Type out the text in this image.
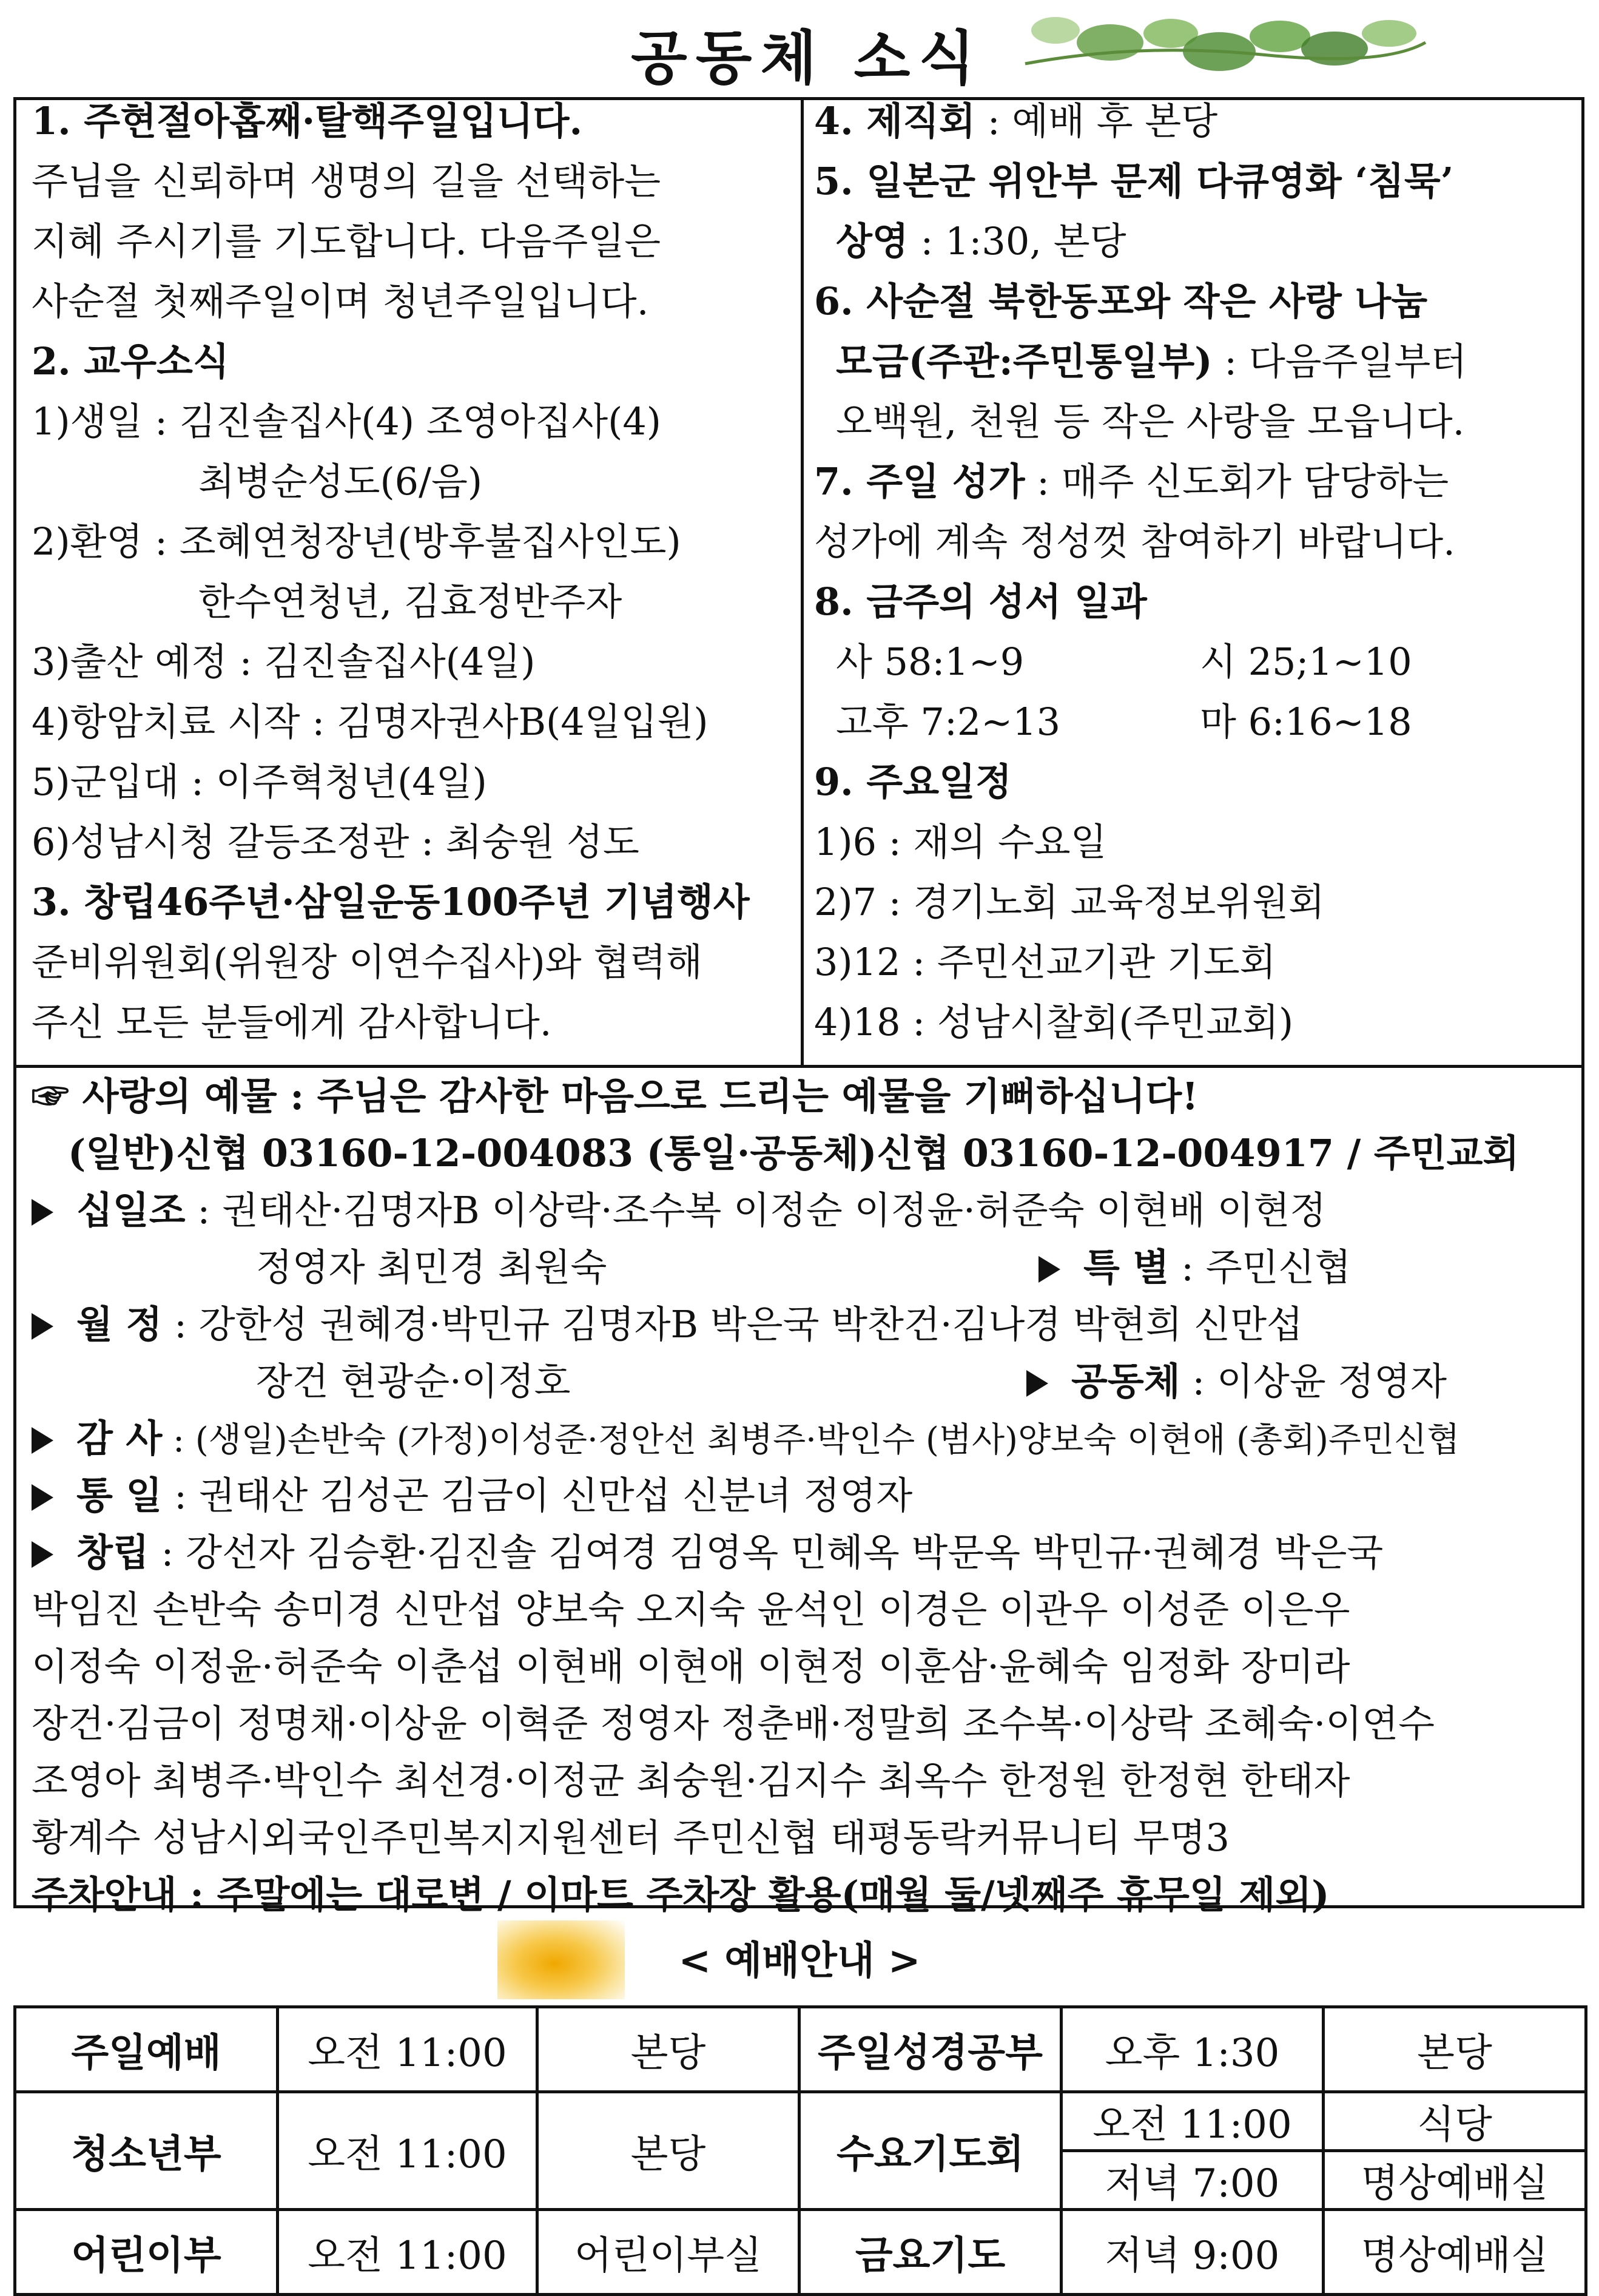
공동체 소식
1. 주현절아홉째·탈핵주일입니다.
주님을 신뢰하며 생명의 길을 선택하는
지혜 주시기를 기도합니다. 다음주일은
사순절 첫째주일이며 청년주일입니다.
2. 교우소식
1)생일 : 김진솔집사(4) 조영아집사(4)
최병순성도(6/음)
2)환영 : 조혜연청장년(방후불집사인도)
한수연청년, 김효정반주자
3)출산 예정 : 김진솔집사(4일)
4)항암치료 시작 : 김명자권사B(4일입원)
5)군입대 : 이주혁청년(4일)
6)성남시청 갈등조정관 : 최숭원 성도
3. 창립46주년·삼일운동100주년 기념행사
준비위원회(위원장 이연수집사)와 협력해
주신 모든 분들에게 감사합니다.
4. 제직회 : 예배 후 본당
5. 일본군 위안부 문제 다큐영화 ‘침묵’
상영 : 1:30, 본당
6. 사순절 북한동포와 작은 사랑 나눔
모금(주관:주민통일부) : 다음주일부터
오백원, 천원 등 작은 사랑을 모읍니다.
7. 주일 성가 : 매주 신도회가 담당하는
성가에 계속 정성껏 참여하기 바랍니다.
8. 금주의 성서 일과
사 58:1~9	시 25;1~10
고후 7:2~13	마 6:16~18
9. 주요일정
1)6 : 재의 수요일
2)7 : 경기노회 교육정보위원회
3)12 : 주민선교기관 기도회
4)18 : 성남시찰회(주민교회)
☞ 사랑의 예물 : 주님은 감사한 마음으로 드리는 예물을 기뻐하십니다!
(일반)신협 03160-12-004083 (통일·공동체)신협 03160-12-004917 / 주민교회
십일조 : 권태산·김명자B 이상락·조수복 이정순 이정윤·허준숙 이현배 이현정
정영자 최민경 최원숙	특 별 : 주민신협
월 정 : 강한성 권혜경·박민규 김명자B 박은국 박찬건·김나경 박현희 신만섭
장건 현광순·이정호	공동체 : 이상윤 정영자
감 사 : (생일)손반숙 (가정)이성준·정안선 최병주·박인수 (범사)양보숙 이현애 (총회)주민신협
통 일 : 권태산 김성곤 김금이 신만섭 신분녀 정영자
창립 : 강선자 김승환·김진솔 김여경 김영옥 민혜옥 박문옥 박민규·권혜경 박은국
박임진 손반숙 송미경 신만섭 양보숙 오지숙 윤석인 이경은 이관우 이성준 이은우
이정숙 이정윤·허준숙 이춘섭 이현배 이현애 이현정 이훈삼·윤혜숙 임정화 장미라
장건·김금이 정명채·이상윤 이혁준 정영자 정춘배·정말희 조수복·이상락 조혜숙·이연수
조영아 최병주·박인수 최선경·이정균 최숭원·김지수 최옥수 한정원 한정현 한태자
황계수 성남시외국인주민복지지원센터 주민신협 태평동락커뮤니티 무명3
주차안내 : 주말에는 대로변 / 이마트 주차장 활용(매월 둘/넷째주 휴무일 제외)
< 예배안내 >
주일예배	오전 11:00	본당	주일성경공부	오후 1:30	본당
청소년부	오전 11:00	본당	수요기도회	오전 11:00	식당
				저녁 7:00	명상예배실
어린이부	오전 11:00	어린이부실	금요기도	저녁 9:00	명상예배실
